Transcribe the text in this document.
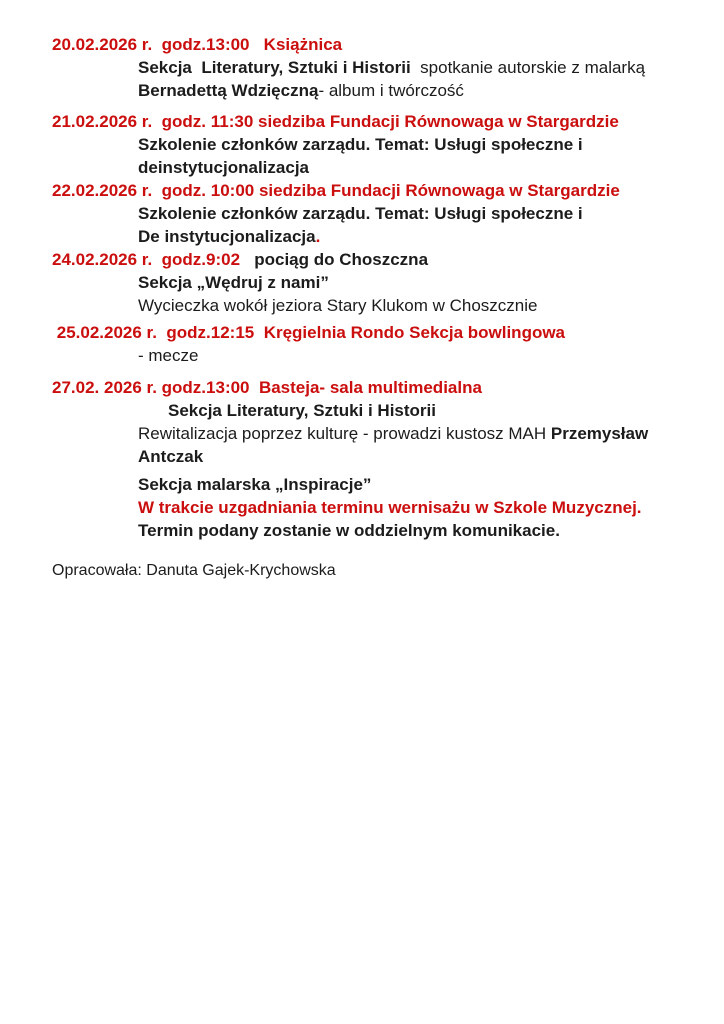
20.02.2026 r.  godz.13:00   Książnica
Sekcja  Literatury, Sztuki i Historii  spotkanie autorskie z malarką
Bernadettą Wdzięczną- album i twórczość
21.02.2026 r.  godz. 11:30 siedziba Fundacji Równowaga w Stargardzie
Szkolenie członków zarządu. Temat: Usługi społeczne i
deinstytucjonalizacja
22.02.2026 r.  godz. 10:00 siedziba Fundacji Równowaga w Stargardzie
Szkolenie członków zarządu. Temat: Usługi społeczne i
De instytucjonalizacja.
24.02.2026 r.  godz.9:02   pociąg do Choszczna
Sekcja „Wędruj z nami”
Wycieczka wokół jeziora Stary Klukom w Choszcznie
25.02.2026 r.  godz.12:15  Kręgielnia Rondo Sekcja bowlingowa
- mecze
27.02. 2026 r. godz.13:00  Basteja- sala multimedialna
Sekcja Literatury, Sztuki i Historii
Rewitalizacja poprzez kulturę - prowadzi kustosz MAH Przemysław
Antczak
Sekcja malarska „Inspiracje”
W trakcie uzgadniania terminu wernisażu w Szkole Muzycznej.
Termin podany zostanie w oddzielnym komunikacie.
Opracowała: Danuta Gajek-Krychowska
